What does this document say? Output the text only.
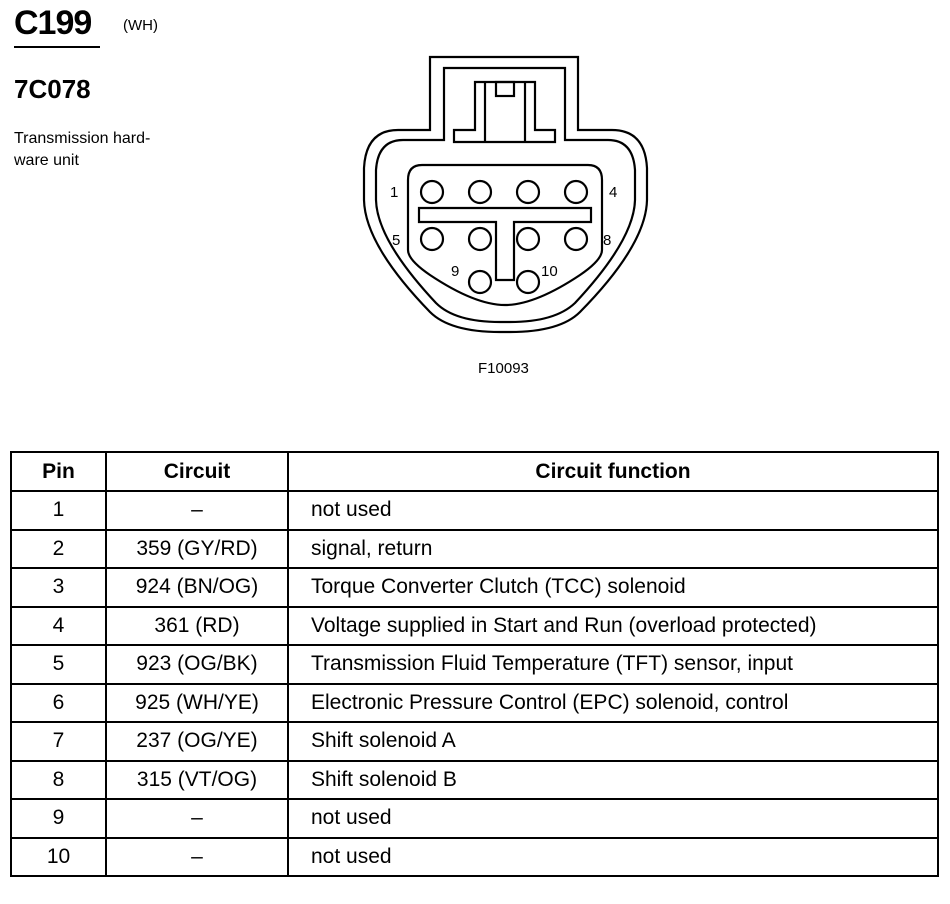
C199 (WH)
7C078
Transmission hard-
ware unit
1	4
5	8
9	10
F10093
Pin	Circuit	Circuit function
1	–	not used
2	359 (GY/RD)	signal, return
3	924 (BN/OG)	Torque Converter Clutch (TCC) solenoid
4	361 (RD)	Voltage supplied in Start and Run (overload protected)
5	923 (OG/BK)	Transmission Fluid Temperature (TFT) sensor, input
6	925 (WH/YE)	Electronic Pressure Control (EPC) solenoid, control
7	237 (OG/YE)	Shift solenoid A
8	315 (VT/OG)	Shift solenoid B
9	–	not used
10	–	not used
